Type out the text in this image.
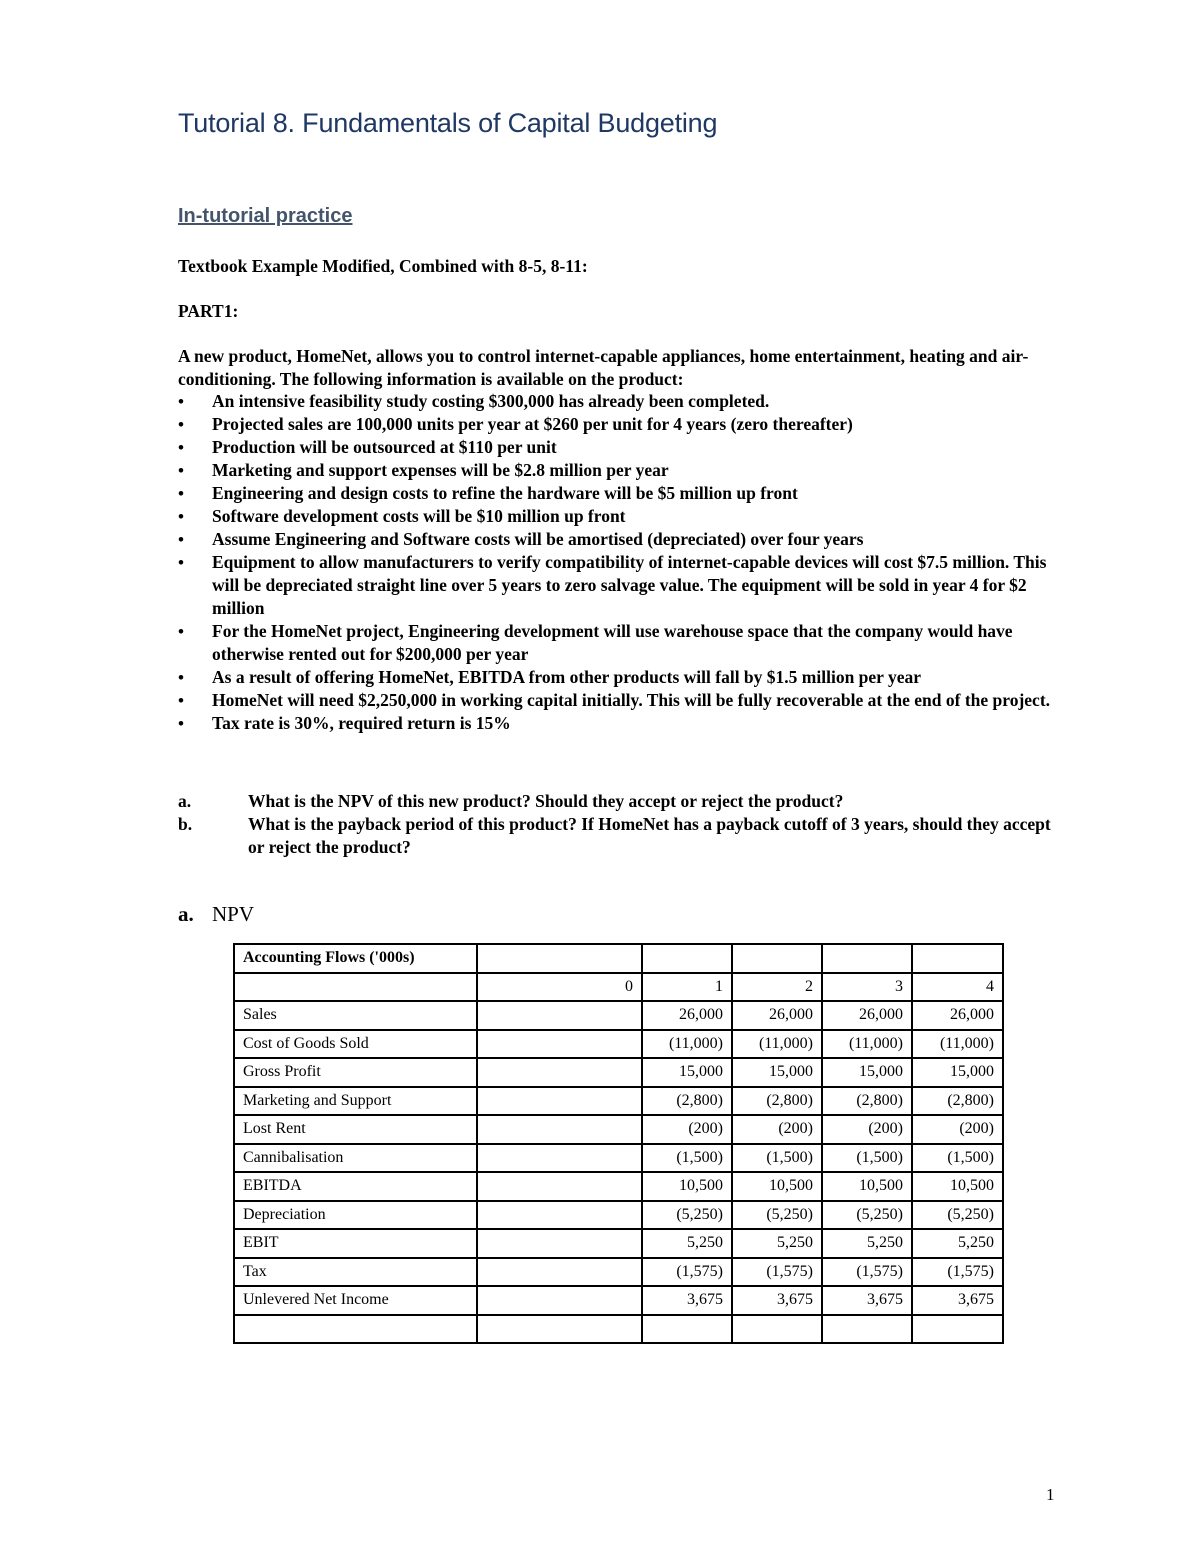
Tutorial 8. Fundamentals of Capital Budgeting
In-tutorial practice

Textbook Example Modified, Combined with 8-5, 8-11:

PART1:

A new product, HomeNet, allows you to control internet-capable appliances, home entertainment, heating and air-conditioning. The following information is available on the product:

• An intensive feasibility study costing $300,000 has already been completed.
• Projected sales are 100,000 units per year at $260 per unit for 4 years (zero thereafter)
• Production will be outsourced at $110 per unit
• Marketing and support expenses will be $2.8 million per year
• Engineering and design costs to refine the hardware will be $5 million up front
• Software development costs will be $10 million up front
• Assume Engineering and Software costs will be amortised (depreciated) over four years
• Equipment to allow manufacturers to verify compatibility of internet-capable devices will cost $7.5 million. This will be depreciated straight line over 5 years to zero salvage value. The equipment will be sold in year 4 for $2 million
• For the HomeNet project, Engineering development will use warehouse space that the company would have otherwise rented out for $200,000 per year
• As a result of offering HomeNet, EBITDA from other products will fall by $1.5 million per year
• HomeNet will need $2,250,000 in working capital initially. This will be fully recoverable at the end of the project.
• Tax rate is 30%, required return is 15%
a.	What is the NPV of this new product? Should they accept or reject the product?
b.	What is the payback period of this product? If HomeNet has a payback cutoff of 3 years, should they accept or reject the product?
a. NPV
Accounting Flows ('000s)					
	0	1	2	3	4
Sales		26,000	26,000	26,000	26,000
Cost of Goods Sold		(11,000)	(11,000)	(11,000)	(11,000)
Gross Profit		15,000	15,000	15,000	15,000
Marketing and Support		(2,800)	(2,800)	(2,800)	(2,800)
Lost Rent		(200)	(200)	(200)	(200)
Cannibalisation		(1,500)	(1,500)	(1,500)	(1,500)
EBITDA		10,500	10,500	10,500	10,500
Depreciation		(5,250)	(5,250)	(5,250)	(5,250)
EBIT		5,250	5,250	5,250	5,250
Tax		(1,575)	(1,575)	(1,575)	(1,575)
Unlevered Net Income		3,675	3,675	3,675	3,675

1
